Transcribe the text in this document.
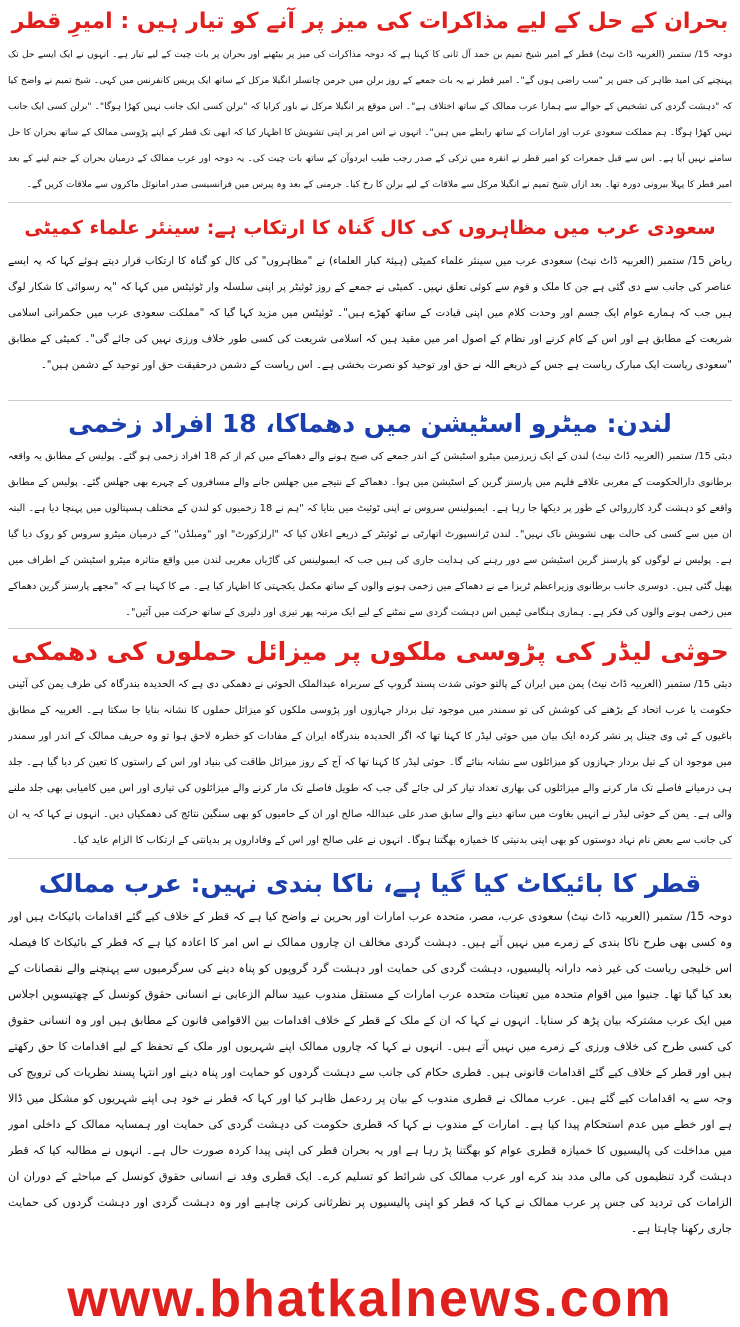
بحران کے حل کے لیے مذاکرات کی میز پر آنے کو تیار ہیں : امیرِ قطر
دوحہ 15/ ستمبر (العربیہ ڈاٹ نیٹ) قطر کے امیر شیخ تمیم بن حمد آل ثانی کا کہنا ہے کہ دوحہ مذاکرات کی میز پر بیٹھنے اور بحران پر بات چیت کے لیے تیار ہے۔ انہوں نے ایک ایسے حل تک پہنچنے کی امید ظاہر کی جس پر "سب راضی ہوں گے"۔ امیر قطر نے یہ بات جمعے کے روز برلن میں جرمن چانسلر انگیلا مرکل کے ساتھ ایک پریس کانفرنس میں کہی۔ شیخ تمیم نے واضح کیا کہ "دہشت گردی کی تشخیص کے حوالے سے ہمارا عرب ممالک کے ساتھ اختلاف ہے"۔ اس موقع پر انگیلا مرکل نے باور کرایا کہ "برلن کسی ایک جانب نہیں کھڑا ہوگا"۔ "برلن کسی ایک جانب نہیں کھڑا ہوگا۔ ہم مملکت سعودی عرب اور امارات کے ساتھ رابطے میں ہیں"۔ انہوں نے اس امر پر اپنی تشویش کا اظہار کیا کہ ابھی تک قطر کے اپنے پڑوسی ممالک کے ساتھ بحران کا حل سامنے نہیں آیا ہے۔ اس سے قبل جمعرات کو امیر قطر نے انقرہ میں ترکی کے صدر رجب طیب ایردوآن کے ساتھ بات چیت کی۔ یہ دوحہ اور عرب ممالک کے درمیان بحران کے جنم لینے کے بعد امیر قطر کا پہلا بیرونی دورہ تھا۔ بعد ازاں شیخ تمیم نے انگیلا مرکل سے ملاقات کے لیے برلن کا رخ کیا۔ جرمنی کے بعد وہ پیرس میں فرانسیسی صدر امانوئل ماکروں سے ملاقات کریں گے۔
سعودی عرب میں مظاہروں کی کال گناہ کا ارتکاب ہے: سینئر علماء کمیٹی
ریاض 15/ ستمبر (العربیہ ڈاٹ نیٹ) سعودی عرب میں سینئر علماء کمیٹی (ہیئۃ کبار العلماء) نے "مظاہروں" کی کال کو گناہ کا ارتکاب قرار دیتے ہوئے کہا کہ یہ ایسے عناصر کی جانب سے دی گئی ہے جن کا ملک و قوم سے کوئی تعلق نہیں۔ کمیٹی نے جمعے کے روز ٹوئیٹر پر اپنی سلسلہ وار ٹوئیٹس میں کہا کہ "یہ رسوائی کا شکار لوگ ہیں جب کہ ہمارے عوام ایک جسم اور وحدت کلام میں اپنی قیادت کے ساتھ کھڑے ہیں"۔ ٹوئیٹس میں مزید کہا گیا کہ "مملکت سعودی عرب میں حکمرانی اسلامی شریعت کے مطابق ہے اور اس کے کام کرنے اور نظام کے اصول امر میں مقید ہیں کہ اسلامی شریعت کی کسی طور خلاف ورزی نہیں کی جائے گی"۔ کمیٹی کے مطابق "سعودی ریاست ایک مبارک ریاست ہے جس کے ذریعے اللہ نے حق اور توحید کو نصرت بخشی ہے۔ اس ریاست کے دشمن درحقیقت حق اور توحید کے دشمن ہیں"۔
لندن: میٹرو اسٹیشن میں دھماکا، 18 افراد زخمی
دبئی 15/ ستمبر (العربیہ ڈاٹ نیٹ) لندن کے ایک زیرزمین میٹرو اسٹیشن کے اندر جمعے کی صبح ہونے والے دھماکے میں کم از کم 18 افراد زخمی ہو گئے۔ پولیس کے مطابق یہ واقعہ برطانوی دارالحکومت کے مغربی علاقے فلہم میں پارسنز گرین کے اسٹیشن میں ہوا۔ دھماکے کے نتیجے میں جھلس جانے والے مسافروں کے چہرے بھی جھلس گئے۔ پولیس کے مطابق واقعے کو دہشت گرد کارروائی کے طور پر دیکھا جا رہا ہے۔ ایمبولینس سروس نے اپنی ٹوئیٹ میں بتایا کہ "ہم نے 18 زخمیوں کو لندن کے مختلف ہسپتالوں میں پہنچا دیا ہے۔ البتہ ان میں سے کسی کی حالت بھی تشویش ناک نہیں"۔ لندن ٹرانسپورٹ اتھارٹی نے ٹوئیٹر کے ذریعے اعلان کیا کہ "ارلزکورٹ" اور "ومبلڈن" کے درمیان میٹرو سروس کو روک دیا گیا ہے۔ پولیس نے لوگوں کو پارسنز گرین اسٹیشن سے دور رہنے کی ہدایت جاری کی ہیں جب کہ ایمبولینس کی گاڑیاں مغربی لندن میں واقع متاثرہ میٹرو اسٹیشن کے اطراف میں پھیل گئی ہیں۔ دوسری جانب برطانوی وزیراعظم ٹریزا مے نے دھماکے میں زخمی ہونے والوں کے ساتھ مکمل یکجہتی کا اظہار کیا ہے۔ مے کا کہنا ہے کہ "مجھے پارسنز گرین دھماکے میں زخمی ہونے والوں کی فکر ہے۔ ہماری ہنگامی ٹیمیں اس دہشت گردی سے نمٹنے کے لیے ایک مرتبہ پھر تیزی اور دلیری کے ساتھ حرکت میں آئیں"۔
حوثی لیڈر کی پڑوسی ملکوں پر میزائل حملوں کی دھمکی
دبئی 15/ ستمبر (العربیہ ڈاٹ نیٹ) یمن میں ایران کے پالتو حوثی شدت پسند گروپ کے سربراہ عبدالملک الحوثی نے دھمکی دی ہے کہ الحدیدہ بندرگاہ کی طرف یمن کی آئینی حکومت یا عرب اتحاد کے بڑھنے کی کوشش کی تو سمندر میں موجود تیل بردار جہازوں اور پڑوسی ملکوں کو میزائل حملوں کا نشانہ بنایا جا سکتا ہے۔ العربیہ کے مطابق باغیوں کے ٹی وی چینل پر نشر کردہ ایک بیان میں حوثی لیڈر کا کہنا تھا کہ اگر الحدیدہ بندرگاہ ایران کے مفادات کو خطرہ لاحق ہوا تو وہ حریف ممالک کے اندر اور سمندر میں موجود ان کے تیل بردار جہازوں کو میزائلوں سے نشانہ بنائے گا۔ حوثی لیڈر کا کہنا تھا کہ آج کے روز میزائل طاقت کی بنیاد اور اس کے راستوں کا تعین کر دیا گیا ہے۔ جلد ہی درمیانے فاصلے تک مار کرنے والے میزائلوں کی بھاری تعداد تیار کر لی جائے گی جب کہ طویل فاصلے تک مار کرنے والے میزائلوں کی تیاری اور اس میں کامیابی بھی جلد ملنے والی ہے۔ یمن کے حوثی لیڈر نے انہیں بغاوت میں ساتھ دینے والے سابق صدر علی عبداللہ صالح اور ان کے حامیوں کو بھی سنگین نتائج کی دھمکیاں دیں۔ انہوں نے کہا کہ یہ ان کی جانب سے بعض نام نہاد دوستوں کو بھی اپنی بدنیتی کا خمیازہ بھگتنا ہوگا۔ انہوں نے علی صالح اور اس کے وفاداروں پر بدیانتی کے ارتکاب کا الزام عاید کیا۔
قطر کا بائیکاٹ کیا گیا ہے، ناکا بندی نہیں: عرب ممالک
دوحہ 15/ ستمبر (العربیہ ڈاٹ نیٹ) سعودی عرب، مصر، متحدہ عرب امارات اور بحرین نے واضح کیا ہے کہ قطر کے خلاف کیے گئے اقدامات بائیکاٹ ہیں اور وہ کسی بھی طرح ناکا بندی کے زمرے میں نہیں آتے ہیں۔ دہشت گردی مخالف ان چاروں ممالک نے اس امر کا اعادہ کیا ہے کہ قطر کے بائیکاٹ کا فیصلہ اس خلیجی ریاست کی غیر ذمہ دارانہ پالیسیوں، دہشت گردی کی حمایت اور دہشت گرد گروپوں کو پناہ دینے کی سرگرمیوں سے پہنچنے والے نقصانات کے بعد کیا گیا تھا۔ جنیوا میں اقوام متحدہ میں تعینات متحدہ عرب امارات کے مستقل مندوب عبید سالم الزعابی نے انسانی حقوق کونسل کے چھتیسویں اجلاس میں ایک عرب مشترکہ بیان پڑھ کر سنایا۔ انہوں نے کہا کہ ان کے ملک کے قطر کے خلاف اقدامات بین الاقوامی قانون کے مطابق ہیں اور وہ انسانی حقوق کی کسی طرح کی خلاف ورزی کے زمرے میں نہیں آتے ہیں۔ انہوں نے کہا کہ چاروں ممالک اپنے شہریوں اور ملک کے تحفظ کے لیے اقدامات کا حق رکھتے ہیں اور قطر کے خلاف کیے گئے اقدامات قانونی ہیں۔ قطری حکام کی جانب سے دہشت گردوں کو حمایت اور پناہ دینے اور انتہا پسند نظریات کی ترویج کی وجہ سے یہ اقدامات کیے گئے ہیں۔ عرب ممالک نے قطری مندوب کے بیان پر ردعمل ظاہر کیا اور کہا کہ قطر نے خود ہی اپنے شہریوں کو مشکل میں ڈالا ہے اور خطے میں عدم استحکام پیدا کیا ہے۔ امارات کے مندوب نے کہا کہ قطری حکومت کی دہشت گردی کی حمایت اور ہمسایہ ممالک کے داخلی امور میں مداخلت کی پالیسیوں کا خمیازہ قطری عوام کو بھگتنا پڑ رہا ہے اور یہ بحران قطر کی اپنی پیدا کردہ صورت حال ہے۔ انہوں نے مطالبہ کیا کہ قطر دہشت گرد تنظیموں کی مالی مدد بند کرے اور عرب ممالک کی شرائط کو تسلیم کرے۔ ایک قطری وفد نے انسانی حقوق کونسل کے مباحثے کے دوران ان الزامات کی تردید کی جس پر عرب ممالک نے کہا کہ قطر کو اپنی پالیسیوں پر نظرثانی کرنی چاہیے اور وہ دہشت گردی اور دہشت گردوں کی حمایت جاری رکھنا چاہتا ہے۔
www.bhatkalnews.com
